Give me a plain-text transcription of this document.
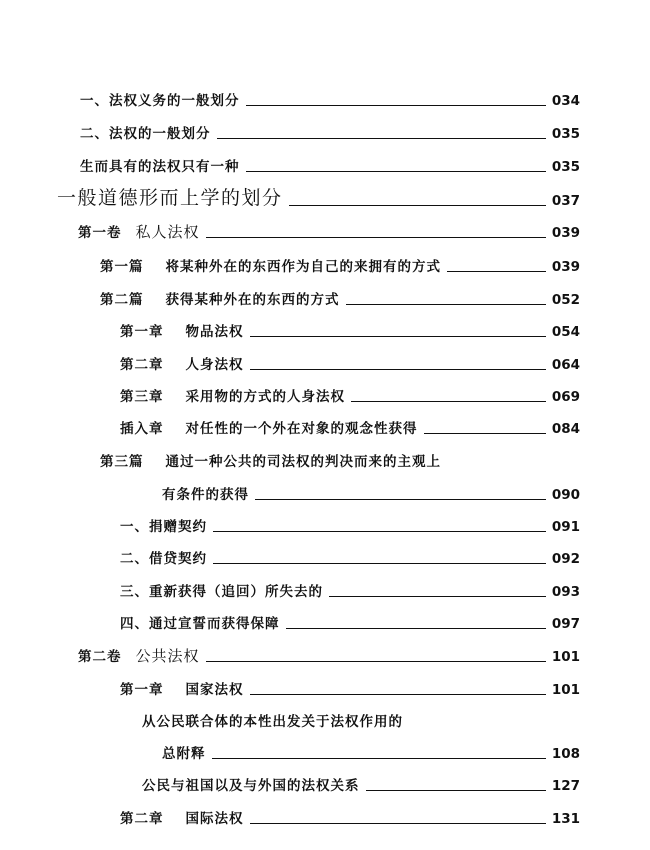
一、法权义务的一般划分	034
二、法权的一般划分	035
生而具有的法权只有一种	035
一般道德形而上学的划分	037
第一卷 私人法权	039
第一篇 将某种外在的东西作为自己的来拥有的方式	039
第二篇 获得某种外在的东西的方式	052
第一章 物品法权	054
第二章 人身法权	064
第三章 采用物的方式的人身法权	069
插入章 对任性的一个外在对象的观念性获得	084
第三篇 通过一种公共的司法权的判决而来的主观上
有条件的获得	090
一、捐赠契约	091
二、借贷契约	092
三、重新获得（追回）所失去的	093
四、通过宣誓而获得保障	097
第二卷 公共法权	101
第一章 国家法权	101
从公民联合体的本性出发关于法权作用的
总附释	108
公民与祖国以及与外国的法权关系	127
第二章 国际法权	131
